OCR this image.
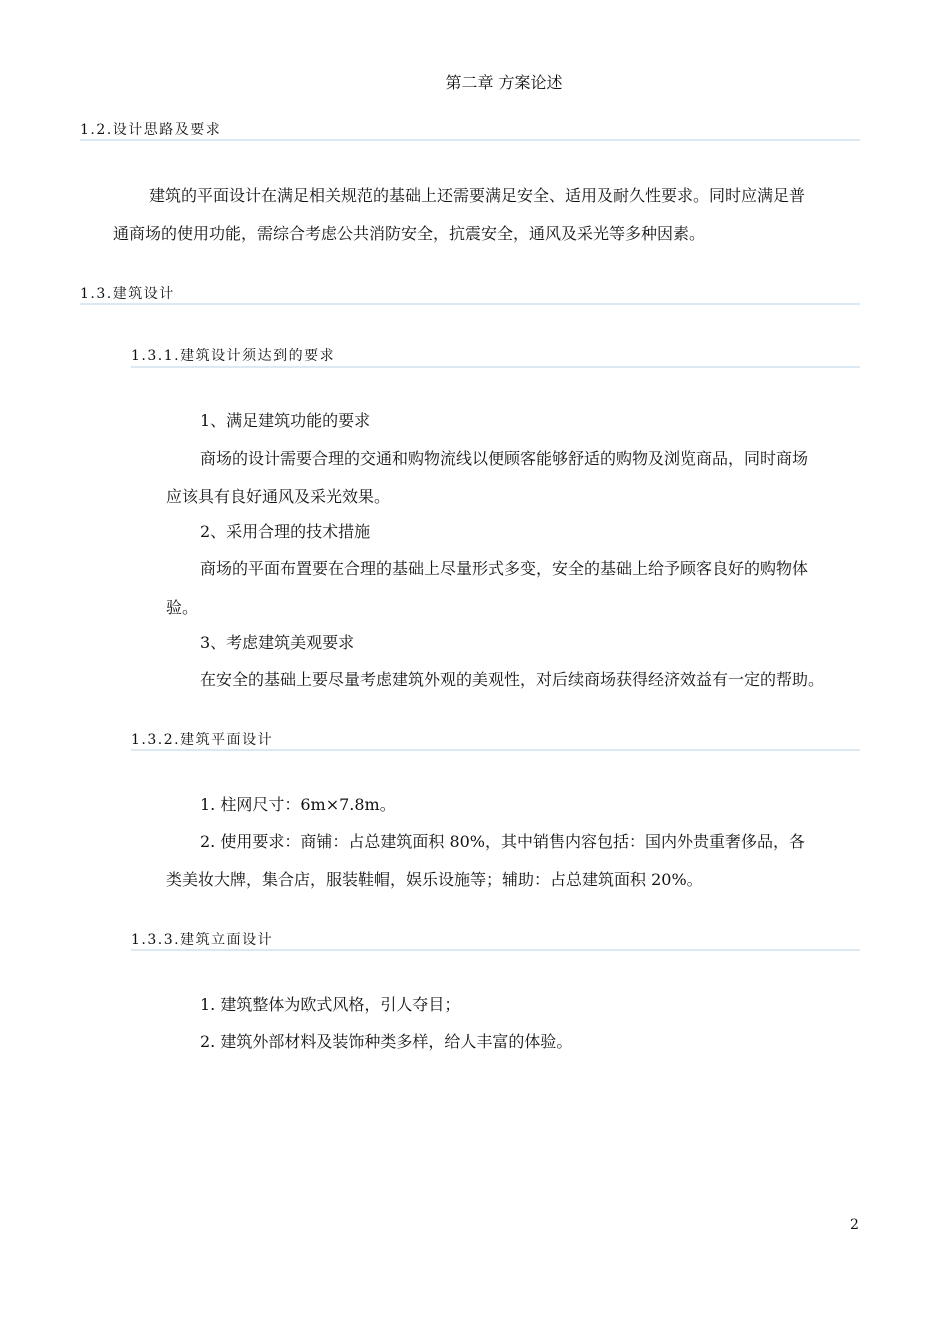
第二章 方案论述
1.2.设计思路及要求
建筑的平面设计在满足相关规范的基础上还需要满足安全、适用及耐久性要求。同时应满足普
通商场的使用功能，需综合考虑公共消防安全，抗震安全，通风及采光等多种因素。
1.3.建筑设计
1.3.1.建筑设计须达到的要求
1、满足建筑功能的要求
商场的设计需要合理的交通和购物流线以便顾客能够舒适的购物及浏览商品，同时商场
应该具有良好通风及采光效果。
2、采用合理的技术措施
商场的平面布置要在合理的基础上尽量形式多变，安全的基础上给予顾客良好的购物体
验。
3、考虑建筑美观要求
在安全的基础上要尽量考虑建筑外观的美观性，对后续商场获得经济效益有一定的帮助。
1.3.2.建筑平面设计
1. 柱网尺寸：6m×7.8m。
2. 使用要求：商铺：占总建筑面积 80%，其中销售内容包括：国内外贵重奢侈品，各
类美妆大牌，集合店，服装鞋帽，娱乐设施等；辅助：占总建筑面积 20%。
1.3.3.建筑立面设计
1. 建筑整体为欧式风格，引人夺目；
2. 建筑外部材料及装饰种类多样，给人丰富的体验。
2
